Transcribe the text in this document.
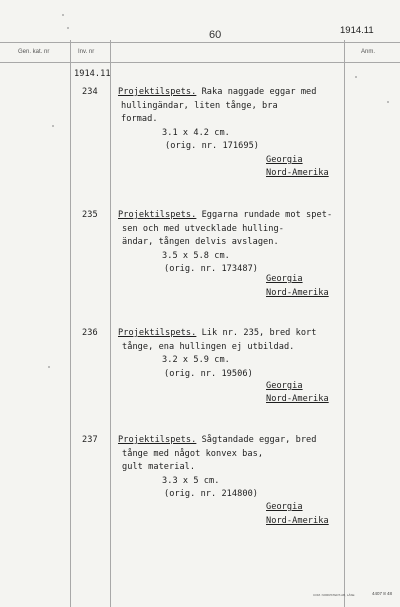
60	1914.11
Gen. kat. nr	Inv. nr	Anm.
1914.11
234 Projektilspets. Raka naggade eggar med
hullingändar, liten tånge, bra
formad.
3.1 x 4.2 cm.
(orig. nr. 171695)
Georgia
Nord-Amerika
235 Projektilspets. Eggarna rundade mot spet-
sen och med utvecklade hulling-
ändar, tången delvis avslagen.
3.5 x 5.8 cm.
(orig. nr. 173487)
Georgia
Nord-Amerika
236 Projektilspets. Lik nr. 235, bred kort
tånge, ena hullingen ej utbildad.
3.2 x 5.9 cm.
(orig. nr. 19506)
Georgia
Nord-Amerika
237 Projektilspets. Sågtandade eggar, bred
tånge med något konvex bas,
gult material.
3.3 x 5 cm.
(orig. nr. 214800)
Georgia
Nord-Amerika
COM. NORRSTEDT-AB, LÅSE	4407 8 48
